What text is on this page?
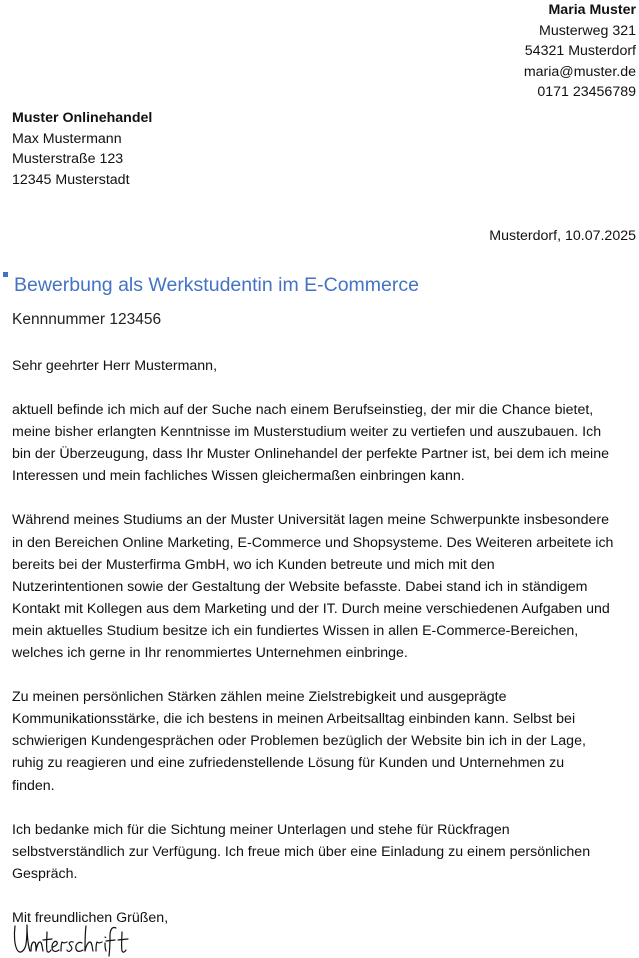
Maria Muster
Musterweg 321
54321 Musterdorf
maria@muster.de
0171 23456789
Muster Onlinehandel
Max Mustermann
Musterstraße 123
12345 Musterstadt
Musterdorf, 10.07.2025
Bewerbung als Werkstudentin im E-Commerce
Kennnummer 123456

Sehr geehrter Herr Mustermann,

aktuell befinde ich mich auf der Suche nach einem Berufseinstieg, der mir die Chance bietet,
meine bisher erlangten Kenntnisse im Musterstudium weiter zu vertiefen und auszubauen. Ich
bin der Überzeugung, dass Ihr Muster Onlinehandel der perfekte Partner ist, bei dem ich meine
Interessen und mein fachliches Wissen gleichermaßen einbringen kann.

Während meines Studiums an der Muster Universität lagen meine Schwerpunkte insbesondere
in den Bereichen Online Marketing, E-Commerce und Shopsysteme. Des Weiteren arbeitete ich
bereits bei der Musterfirma GmbH, wo ich Kunden betreute und mich mit den
Nutzerintentionen sowie der Gestaltung der Website befasste. Dabei stand ich in ständigem
Kontakt mit Kollegen aus dem Marketing und der IT. Durch meine verschiedenen Aufgaben und
mein aktuelles Studium besitze ich ein fundiertes Wissen in allen E-Commerce-Bereichen,
welches ich gerne in Ihr renommiertes Unternehmen einbringe.

Zu meinen persönlichen Stärken zählen meine Zielstrebigkeit und ausgeprägte
Kommunikationsstärke, die ich bestens in meinen Arbeitsalltag einbinden kann. Selbst bei
schwierigen Kundengesprächen oder Problemen bezüglich der Website bin ich in der Lage,
ruhig zu reagieren und eine zufriedenstellende Lösung für Kunden und Unternehmen zu
finden.

Ich bedanke mich für die Sichtung meiner Unterlagen und stehe für Rückfragen
selbstverständlich zur Verfügung. Ich freue mich über eine Einladung zu einem persönlichen
Gespräch.

Mit freundlichen Grüßen,
